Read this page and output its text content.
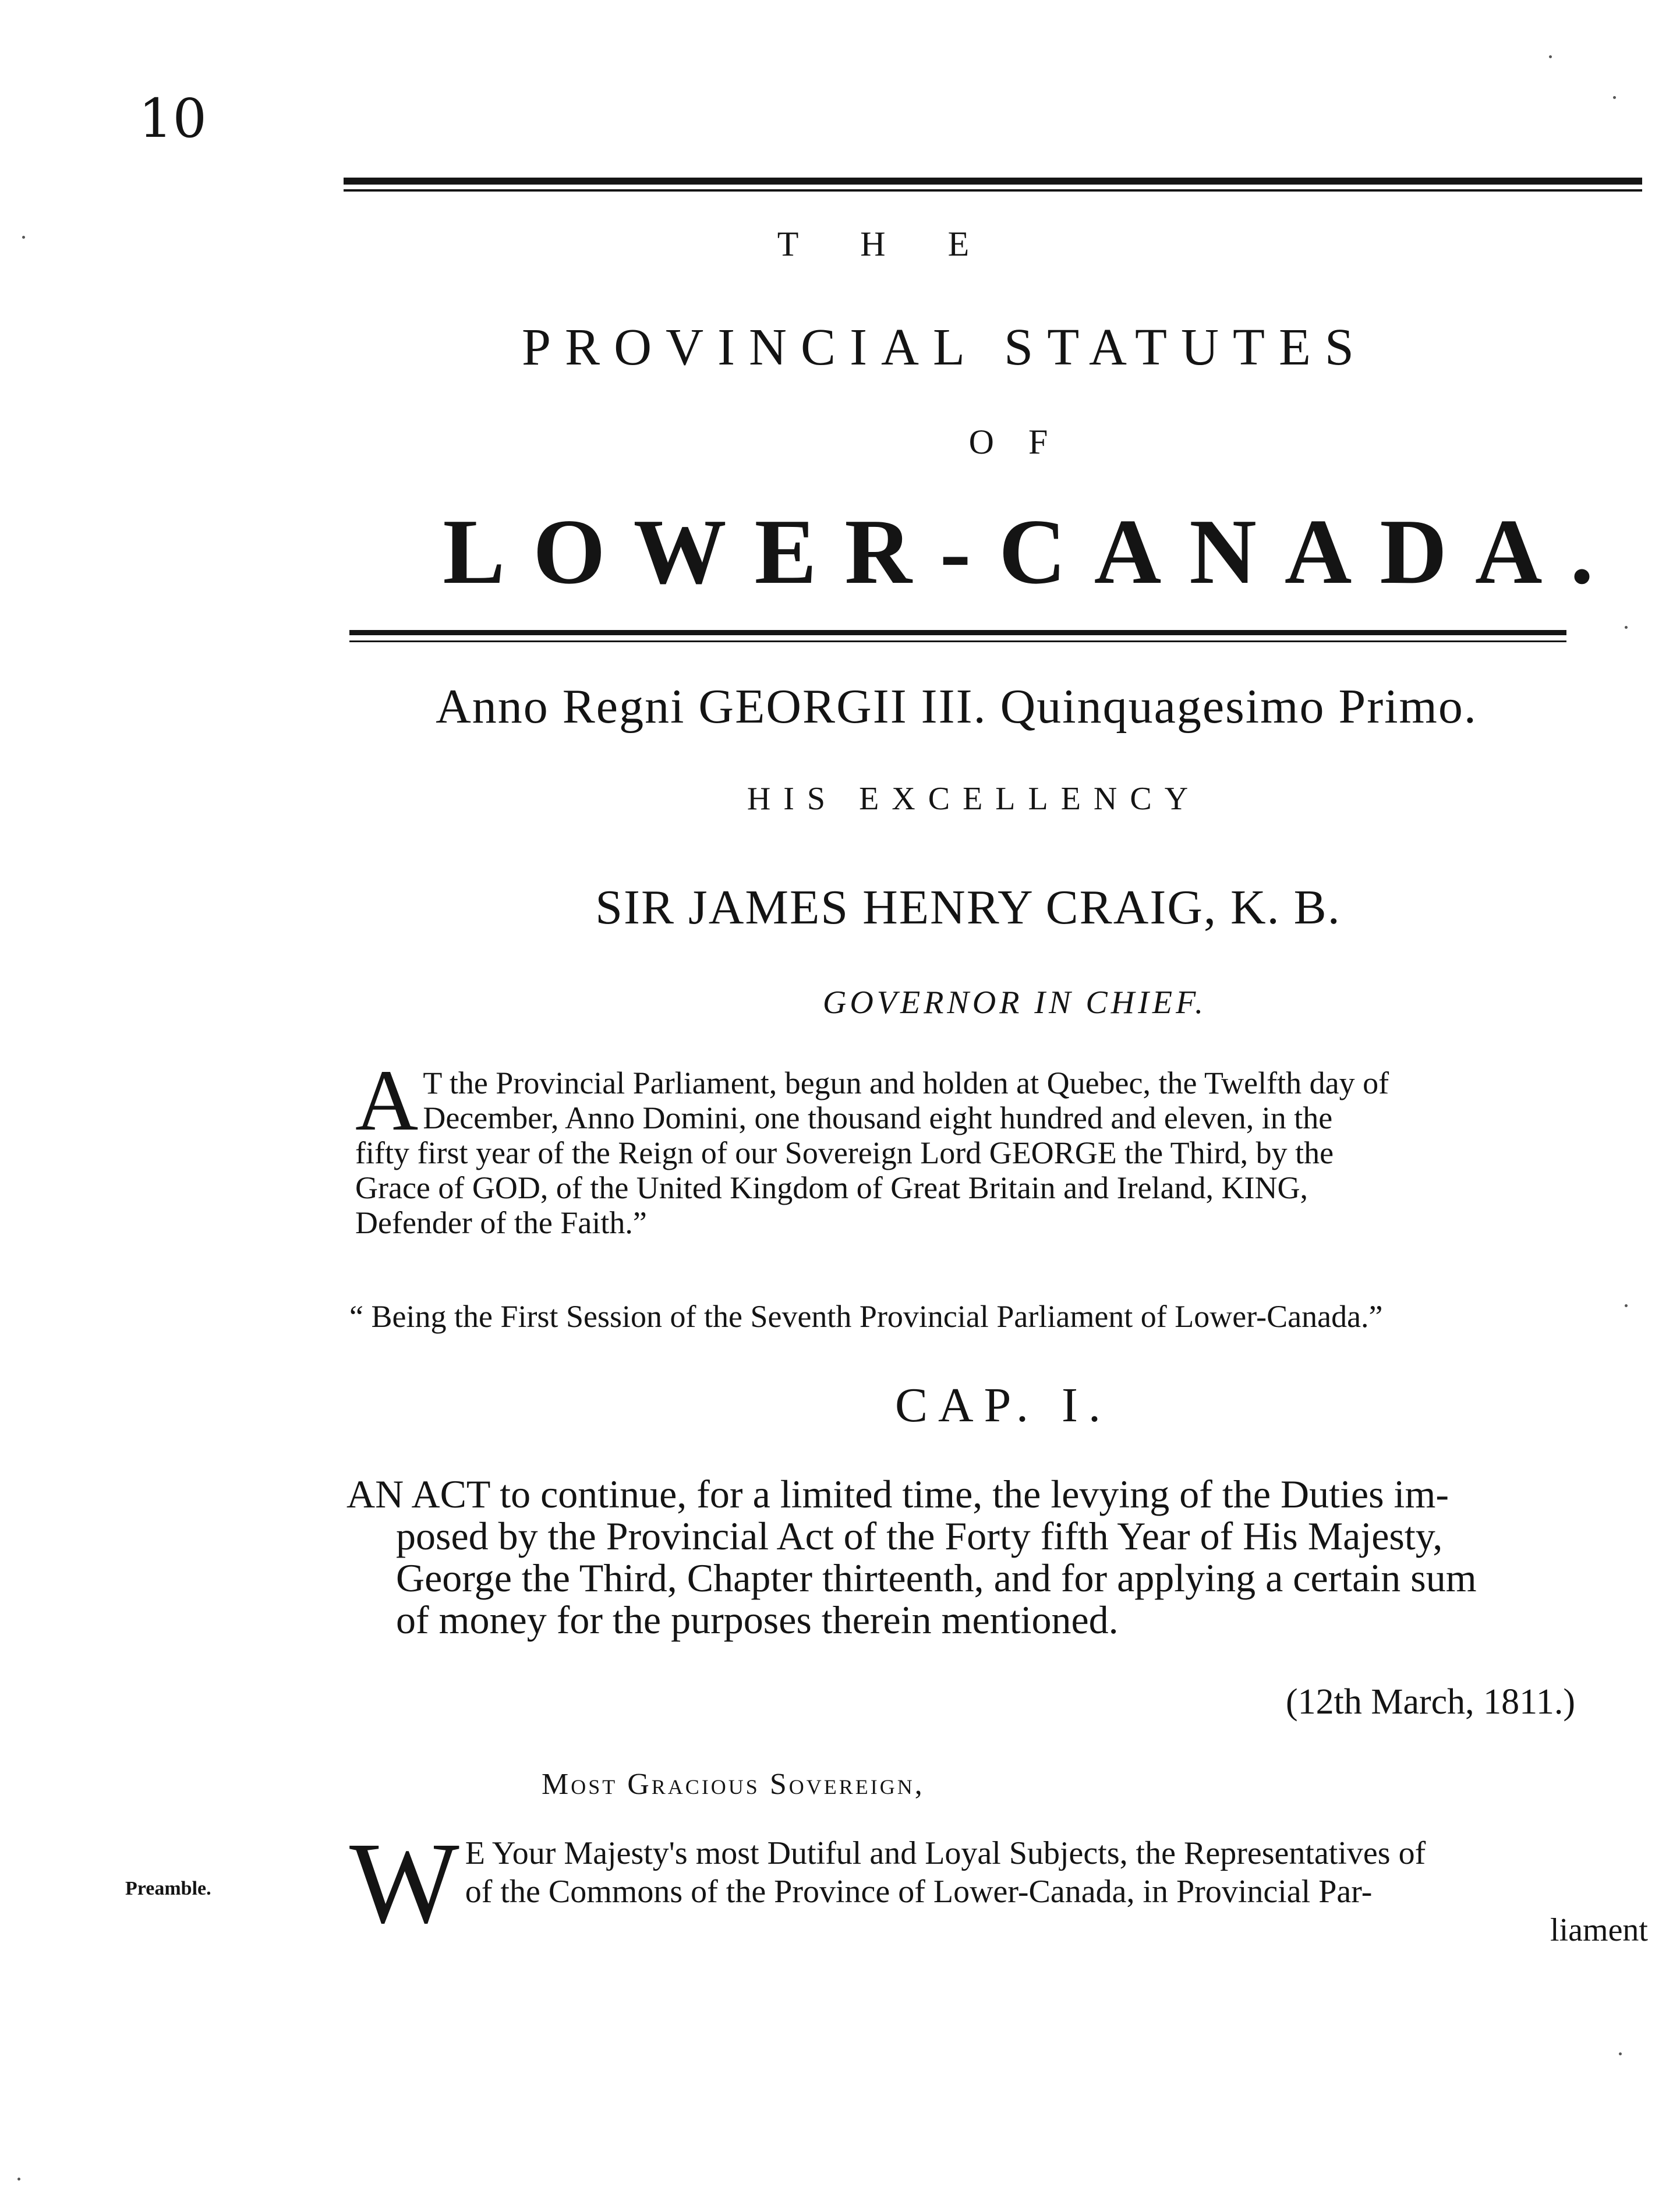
10
T H E
PROVINCIAL STATUTES
O F
LOWER-CANADA.
Anno Regni GEORGII III. Quinquagesimo Primo.
HIS EXCELLENCY
SIR JAMES HENRY CRAIG, K. B.
GOVERNOR IN CHIEF.
A T the Provincial Parliament, begun and holden at Quebec, the Twelfth day of
December, Anno Domini, one thousand eight hundred and eleven, in the
fifty first year of the Reign of our Sovereign Lord GEORGE the Third, by the
Grace of GOD, of the United Kingdom of Great Britain and Ireland, KING,
Defender of the Faith.”
“ Being the First Session of the Seventh Provincial Parliament of Lower-Canada.”
CAP. I.
AN ACT to continue, for a limited time, the levying of the Duties im-
posed by the Provincial Act of the Forty fifth Year of His Majesty,
George the Third, Chapter thirteenth, and for applying a certain sum
of money for the purposes therein mentioned.
(12th March, 1811.)
Most Gracious Sovereign,
Preamble. W E Your Majesty's most Dutiful and Loyal Subjects, the Representatives of
of the Commons of the Province of Lower-Canada, in Provincial Par-
liament
